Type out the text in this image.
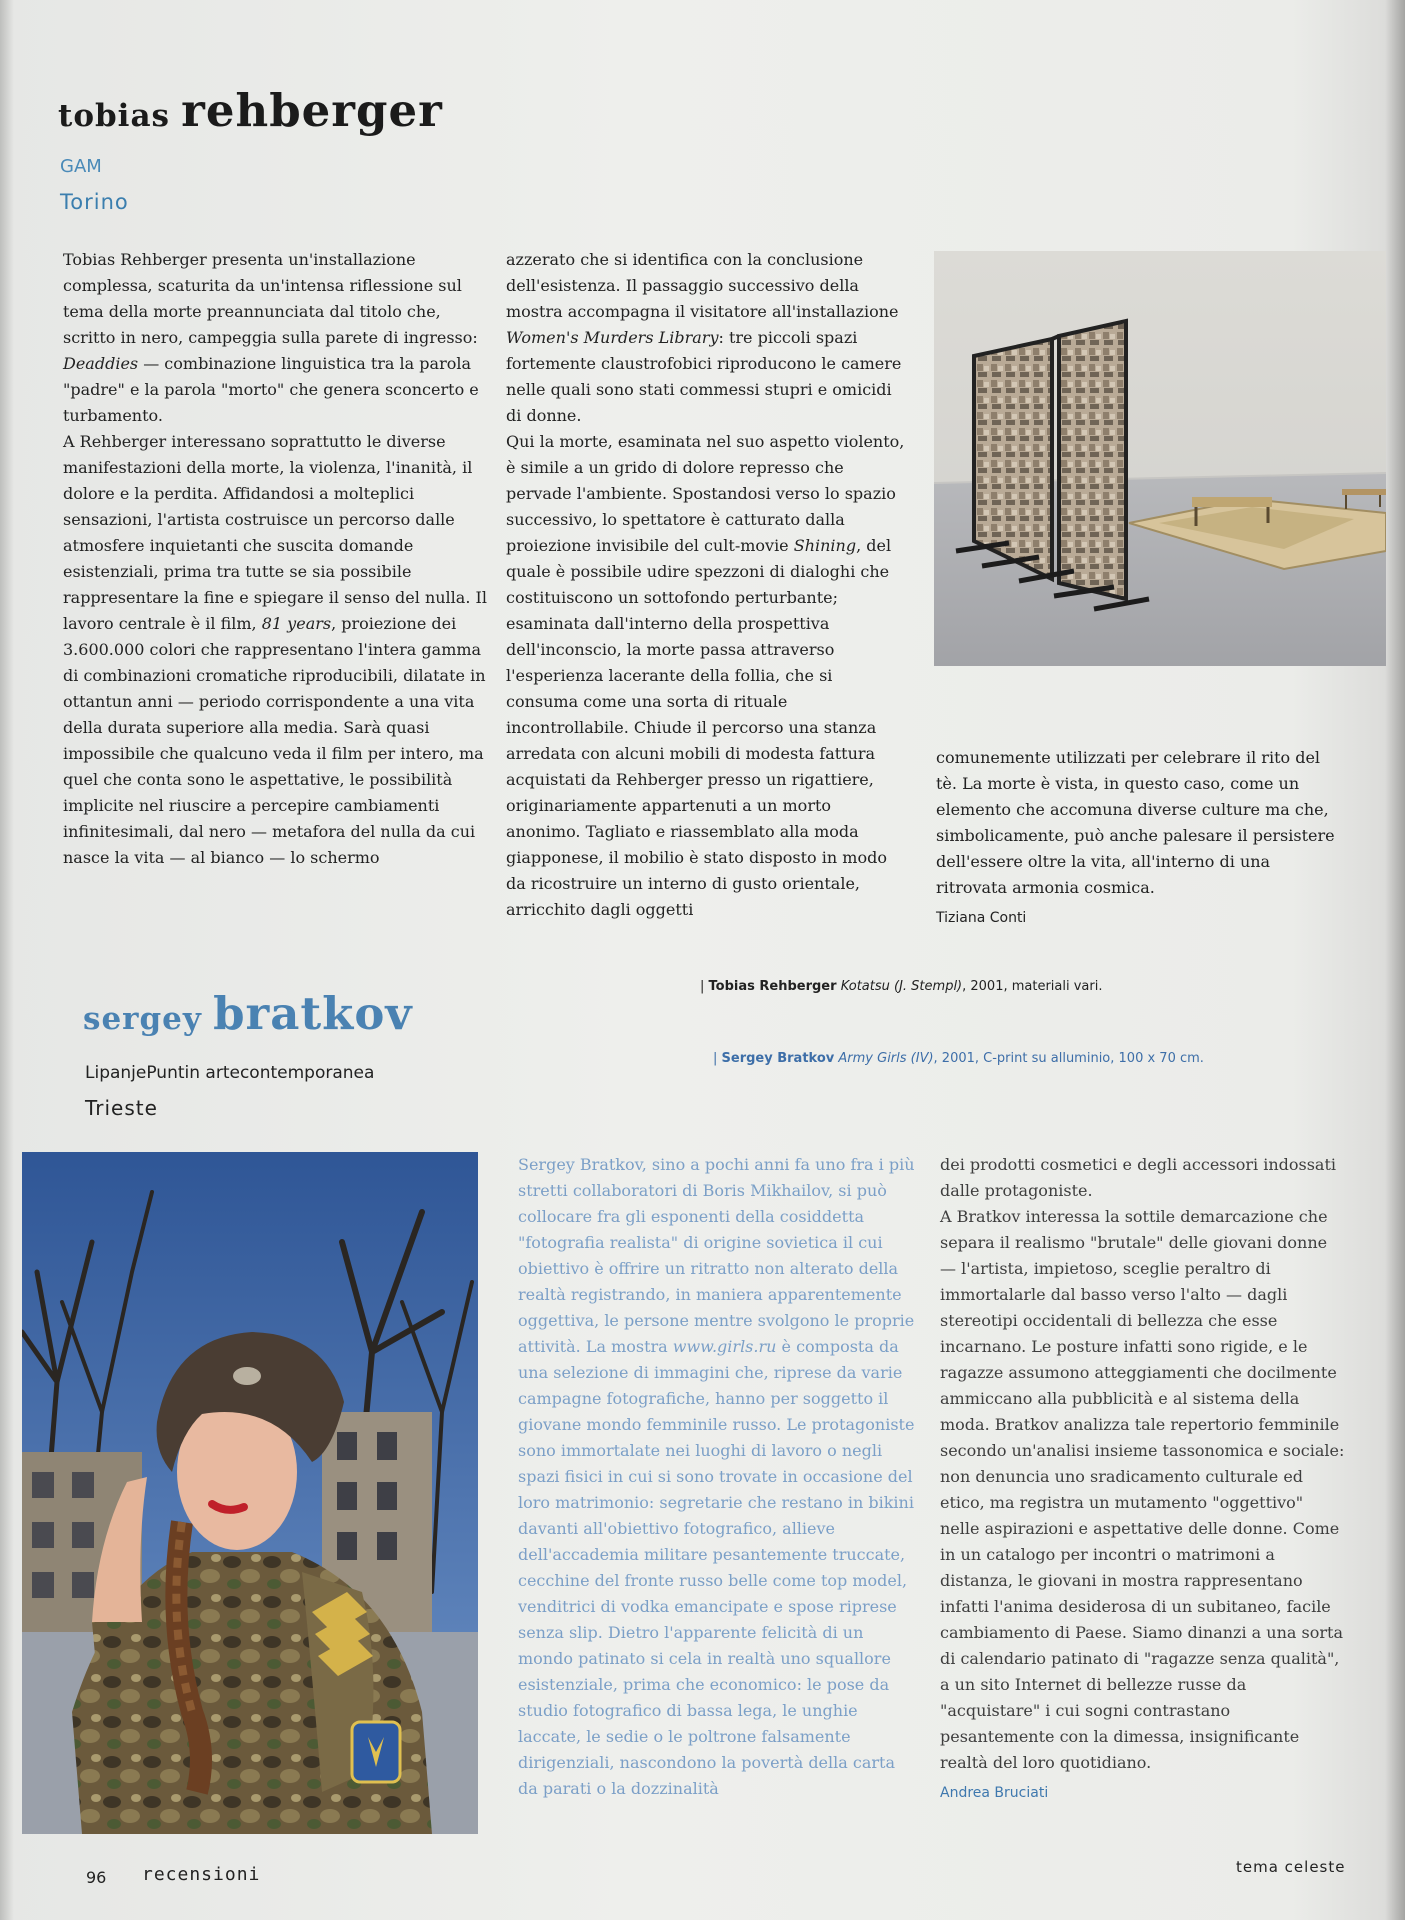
tobias rehberger
GAM
Torino

Tobias Rehberger presenta un'installazione complessa, scaturita da un'intensa riflessione sul tema della morte preannunciata dal titolo che, scritto in nero, campeggia sulla parete di ingresso: Deaddies — combinazione linguistica tra la parola "padre" e la parola "morto" che genera sconcerto e turbamento.
A Rehberger interessano soprattutto le diverse manifestazioni della morte, la violenza, l'inanità, il dolore e la perdita. Affidandosi a molteplici sensazioni, l'artista costruisce un percorso dalle atmosfere inquietanti che suscita domande esistenziali, prima tra tutte se sia possibile rappresentare la fine e spiegare il senso del nulla. Il lavoro centrale è il film, 81 years, proiezione dei 3.600.000 colori che rappresentano l'intera gamma di combinazioni cromatiche riproducibili, dilatate in ottantun anni — periodo corrispondente a una vita della durata superiore alla media. Sarà quasi impossibile che qualcuno veda il film per intero, ma quel che conta sono le aspettative, le possibilità implicite nel riuscire a percepire cambiamenti infinitesimali, dal nero — metafora del nulla da cui nasce la vita — al bianco — lo schermo

azzerato che si identifica con la conclusione dell'esistenza. Il passaggio successivo della mostra accompagna il visitatore all'installazione Women's Murders Library: tre piccoli spazi fortemente claustrofobici riproducono le camere nelle quali sono stati commessi stupri e omicidi di donne.
Qui la morte, esaminata nel suo aspetto violento, è simile a un grido di dolore represso che pervade l'ambiente. Spostandosi verso lo spazio successivo, lo spettatore è catturato dalla proiezione invisibile del cult-movie Shining, del quale è possibile udire spezzoni di dialoghi che costituiscono un sottofondo perturbante; esaminata dall'interno della prospettiva dell'inconscio, la morte passa attraverso l'esperienza lacerante della follia, che si consuma come una sorta di rituale incontrollabile. Chiude il percorso una stanza arredata con alcuni mobili di modesta fattura acquistati da Rehberger presso un rigattiere, originariamente appartenuti a un morto anonimo. Tagliato e riassemblato alla moda giapponese, il mobilio è stato disposto in modo da ricostruire un interno di gusto orientale, arricchito dagli oggetti

comunemente utilizzati per celebrare il rito del tè. La morte è vista, in questo caso, come un elemento che accomuna diverse culture ma che, simbolicamente, può anche palesare il persistere dell'essere oltre la vita, all'interno di una ritrovata armonia cosmica.

Tiziana Conti
| Tobias Rehberger Kotatsu (J. Stempl), 2001, materiali vari.
| Sergey Bratkov Army Girls (IV), 2001, C-print su alluminio, 100 x 70 cm.
sergey bratkov
LipanjePuntin artecontemporanea
Trieste

Sergey Bratkov, sino a pochi anni fa uno fra i più stretti collaboratori di Boris Mikhailov, si può collocare fra gli esponenti della cosiddetta "fotografia realista" di origine sovietica il cui obiettivo è offrire un ritratto non alterato della realtà registrando, in maniera apparentemente oggettiva, le persone mentre svolgono le proprie attività. La mostra www.girls.ru è composta da una selezione di immagini che, riprese da varie campagne fotografiche, hanno per soggetto il giovane mondo femminile russo. Le protagoniste sono immortalate nei luoghi di lavoro o negli spazi fisici in cui si sono trovate in occasione del loro matrimonio: segretarie che restano in bikini davanti all'obiettivo fotografico, allieve dell'accademia militare pesantemente truccate, cecchine del fronte russo belle come top model, venditrici di vodka emancipate e spose riprese senza slip. Dietro l'apparente felicità di un mondo patinato si cela in realtà uno squallore esistenziale, prima che economico: le pose da studio fotografico di bassa lega, le unghie laccate, le sedie o le poltrone falsamente dirigenziali, nascondono la povertà della carta da parati o la dozzinalità

dei prodotti cosmetici e degli accessori indossati dalle protagoniste.
A Bratkov interessa la sottile demarcazione che separa il realismo "brutale" delle giovani donne — l'artista, impietoso, sceglie peraltro di immortalarle dal basso verso l'alto — dagli stereotipi occidentali di bellezza che esse incarnano. Le posture infatti sono rigide, e le ragazze assumono atteggiamenti che docilmente ammiccano alla pubblicità e al sistema della moda. Bratkov analizza tale repertorio femminile secondo un'analisi insieme tassonomica e sociale: non denuncia uno sradicamento culturale ed etico, ma registra un mutamento "oggettivo" nelle aspirazioni e aspettative delle donne. Come in un catalogo per incontri o matrimoni a distanza, le giovani in mostra rappresentano infatti l'anima desiderosa di un subitaneo, facile cambiamento di Paese. Siamo dinanzi a una sorta di calendario patinato di "ragazze senza qualità", a un sito Internet di bellezze russe da "acquistare" i cui sogni contrastano pesantemente con la dimessa, insignificante realtà del loro quotidiano.

Andrea Bruciati
96 recensioni	tema celeste
